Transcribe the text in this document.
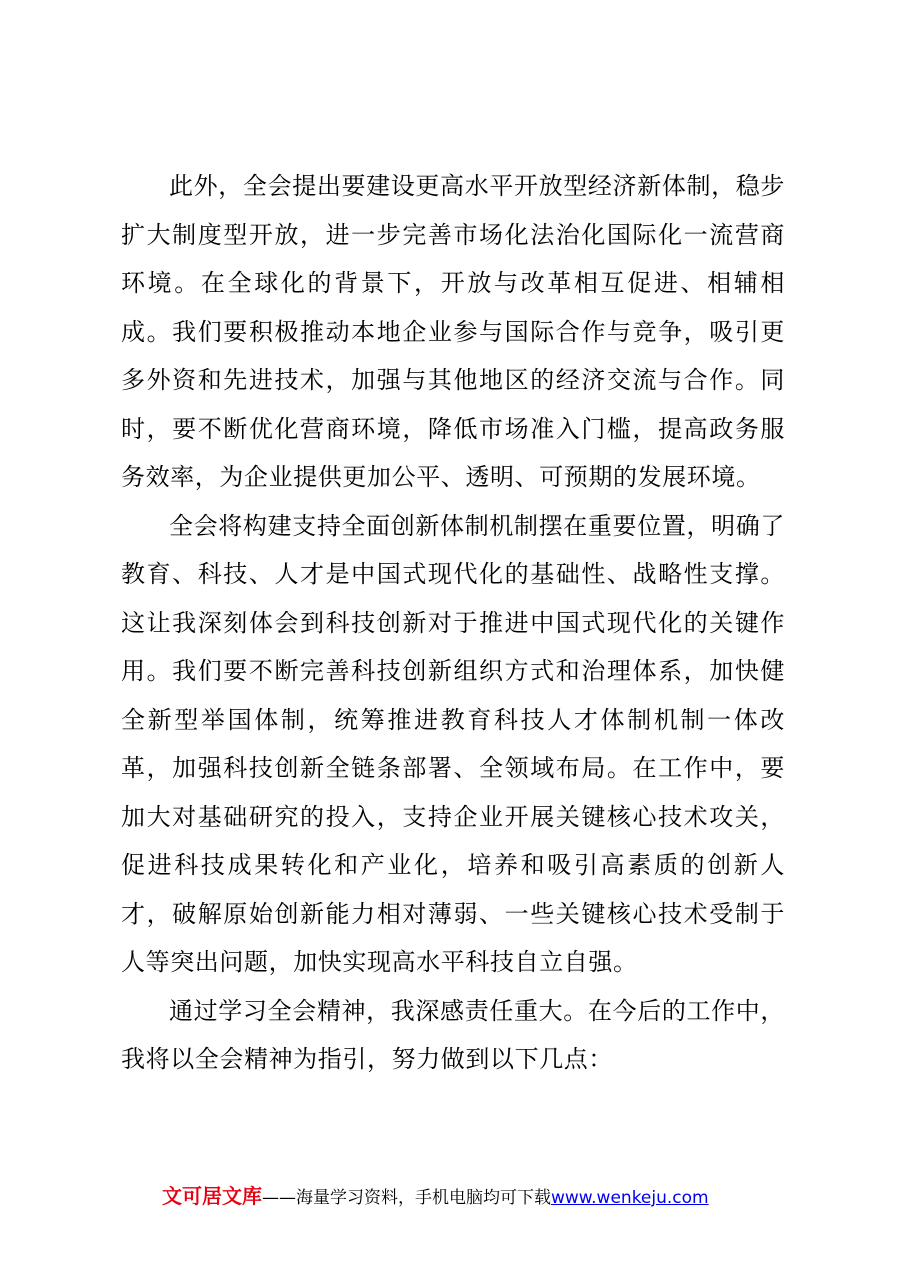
此外，全会提出要建设更高水平开放型经济新体制，稳步扩大制度型开放，进一步完善市场化法治化国际化一流营商环境。在全球化的背景下，开放与改革相互促进、相辅相成。我们要积极推动本地企业参与国际合作与竞争，吸引更多外资和先进技术，加强与其他地区的经济交流与合作。同时，要不断优化营商环境，降低市场准入门槛，提高政务服务效率，为企业提供更加公平、透明、可预期的发展环境。

全会将构建支持全面创新体制机制摆在重要位置，明确了教育、科技、人才是中国式现代化的基础性、战略性支撑。这让我深刻体会到科技创新对于推进中国式现代化的关键作用。我们要不断完善科技创新组织方式和治理体系，加快健全新型举国体制，统筹推进教育科技人才体制机制一体改革，加强科技创新全链条部署、全领域布局。在工作中，要加大对基础研究的投入，支持企业开展关键核心技术攻关，促进科技成果转化和产业化，培养和吸引高素质的创新人才，破解原始创新能力相对薄弱、一些关键核心技术受制于人等突出问题，加快实现高水平科技自立自强。

通过学习全会精神，我深感责任重大。在今后的工作中，我将以全会精神为指引，努力做到以下几点：

文可居文库——海量学习资料，手机电脑均可下载www.wenkeju.com
